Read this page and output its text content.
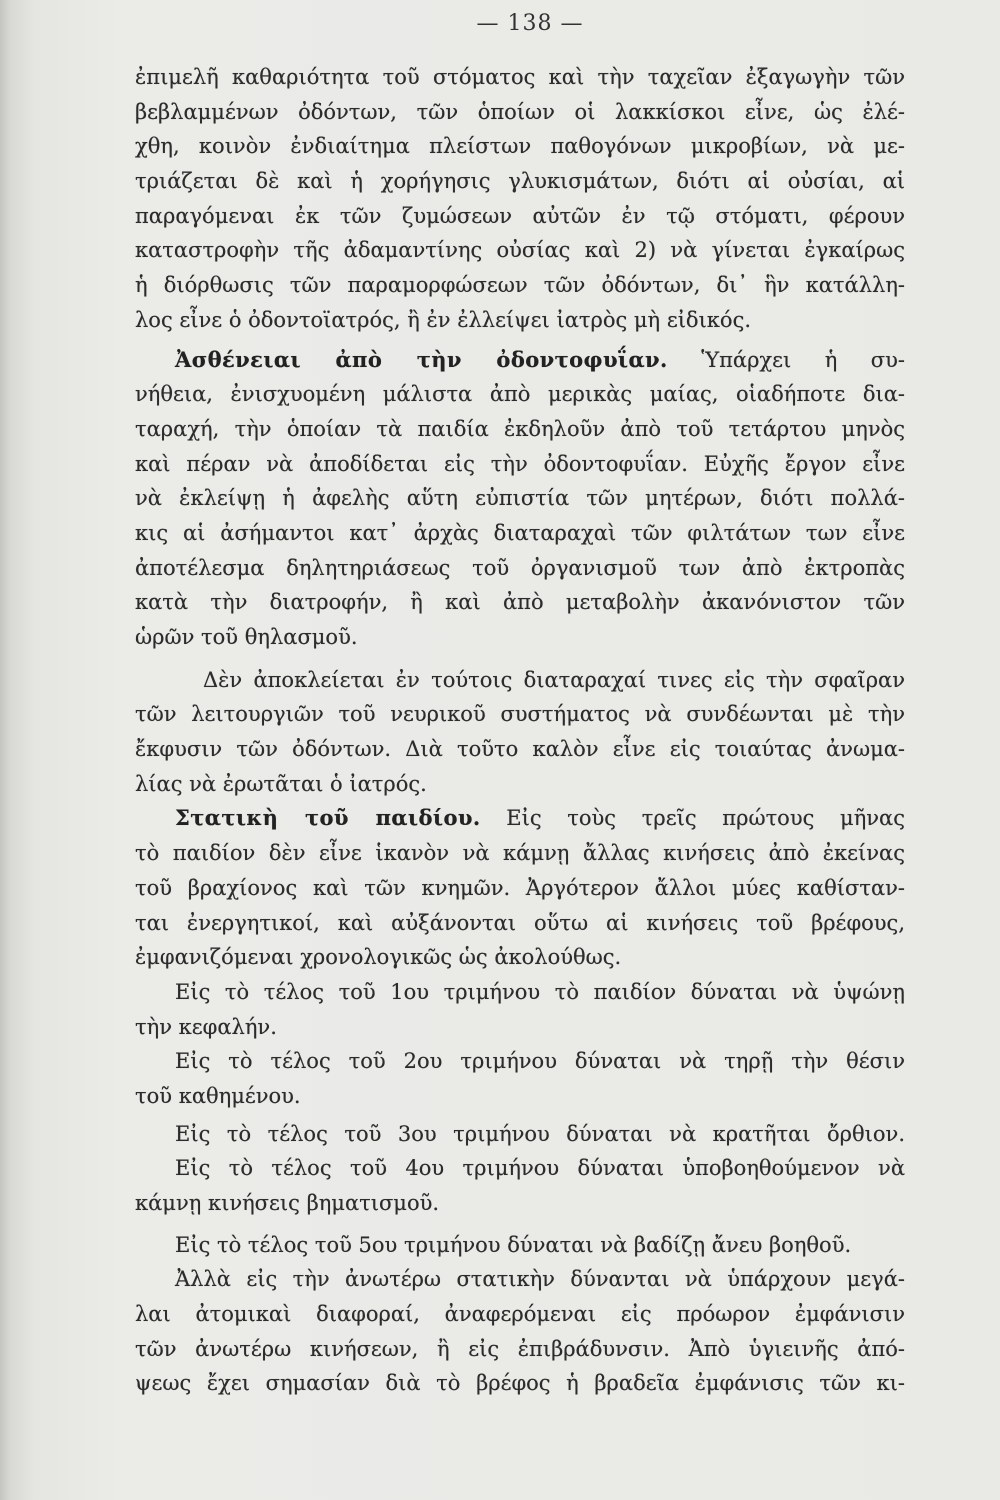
— 138 —
ἐπιμελῆ καθαριότητα τοῦ στόματος καὶ τὴν ταχεῖαν ἐξαγωγὴν τῶν
βεβλαμμένων ὀδόντων, τῶν ὁποίων οἱ λακκίσκοι εἶνε, ὡς ἐλέ-
χθη, κοινὸν ἐνδιαίτημα πλείστων παθογόνων μικροβίων, νὰ με-
τριάζεται δὲ καὶ ἡ χορήγησις γλυκισμάτων, διότι αἱ οὐσίαι, αἱ
παραγόμεναι ἐκ τῶν ζυμώσεων αὐτῶν ἐν τῷ στόματι, φέρουν
καταστροφὴν τῆς ἀδαμαντίνης οὐσίας καὶ 2) νὰ γίνεται ἐγκαίρως
ἡ διόρθωσις τῶν παραμορφώσεων τῶν ὀδόντων, δι᾽ ἣν κατάλλη-
λος εἶνε ὁ ὀδοντοϊατρός, ἢ ἐν ἐλλείψει ἰατρὸς μὴ εἰδικός.
Ἀσθένειαι ἀπὸ τὴν ὀδοντοφυΐαν. Ὑπάρχει ἡ συ-
νήθεια, ἐνισχυομένη μάλιστα ἀπὸ μερικὰς μαίας, οἱαδήποτε δια-
ταραχή, τὴν ὁποίαν τὰ παιδία ἐκδηλοῦν ἀπὸ τοῦ τετάρτου μηνὸς
καὶ πέραν νὰ ἀποδίδεται εἰς τὴν ὀδοντοφυΐαν. Εὐχῆς ἔργον εἶνε
νὰ ἐκλείψῃ ἡ ἀφελὴς αὕτη εὐπιστία τῶν μητέρων, διότι πολλά-
κις αἱ ἀσήμαντοι κατ᾽ ἀρχὰς διαταραχαὶ τῶν φιλτάτων των εἶνε
ἀποτέλεσμα δηλητηριάσεως τοῦ ὀργανισμοῦ των ἀπὸ ἐκτροπὰς
κατὰ τὴν διατροφήν, ἢ καὶ ἀπὸ μεταβολὴν ἀκανόνιστον τῶν
ὡρῶν τοῦ θηλασμοῦ.
Δὲν ἀποκλείεται ἐν τούτοις διαταραχαί τινες εἰς τὴν σφαῖραν
τῶν λειτουργιῶν τοῦ νευρικοῦ συστήματος νὰ συνδέωνται μὲ τὴν
ἔκφυσιν τῶν ὀδόντων. Διὰ τοῦτο καλὸν εἶνε εἰς τοιαύτας ἀνωμα-
λίας νὰ ἐρωτᾶται ὁ ἰατρός.
Στατικὴ τοῦ παιδίου. Εἰς τοὺς τρεῖς πρώτους μῆνας
τὸ παιδίον δὲν εἶνε ἱκανὸν νὰ κάμνῃ ἄλλας κινήσεις ἀπὸ ἐκείνας
τοῦ βραχίονος καὶ τῶν κνημῶν. Ἀργότερον ἄλλοι μύες καθίσταν-
ται ἐνεργητικοί, καὶ αὐξάνονται οὕτω αἱ κινήσεις τοῦ βρέφους,
ἐμφανιζόμεναι χρονολογικῶς ὡς ἀκολούθως.
Εἰς τὸ τέλος τοῦ 1ου τριμήνου τὸ παιδίον δύναται νὰ ὑψώνῃ
τὴν κεφαλήν.
Εἰς τὸ τέλος τοῦ 2ου τριμήνου δύναται νὰ τηρῇ τὴν θέσιν
τοῦ καθημένου.
Εἰς τὸ τέλος τοῦ 3ου τριμήνου δύναται νὰ κρατῆται ὄρθιον.
Εἰς τὸ τέλος τοῦ 4ου τριμήνου δύναται ὑποβοηθούμενον νὰ
κάμνῃ κινήσεις βηματισμοῦ.
Εἰς τὸ τέλος τοῦ 5ου τριμήνου δύναται νὰ βαδίζῃ ἄνευ βοηθοῦ.
Ἀλλὰ εἰς τὴν ἀνωτέρω στατικὴν δύνανται νὰ ὑπάρχουν μεγά-
λαι ἀτομικαὶ διαφοραί, ἀναφερόμεναι εἰς πρόωρον ἐμφάνισιν
τῶν ἀνωτέρω κινήσεων, ἢ εἰς ἐπιβράδυνσιν. Ἀπὸ ὑγιεινῆς ἀπό-
ψεως ἔχει σημασίαν διὰ τὸ βρέφος ἡ βραδεῖα ἐμφάνισις τῶν κι-
